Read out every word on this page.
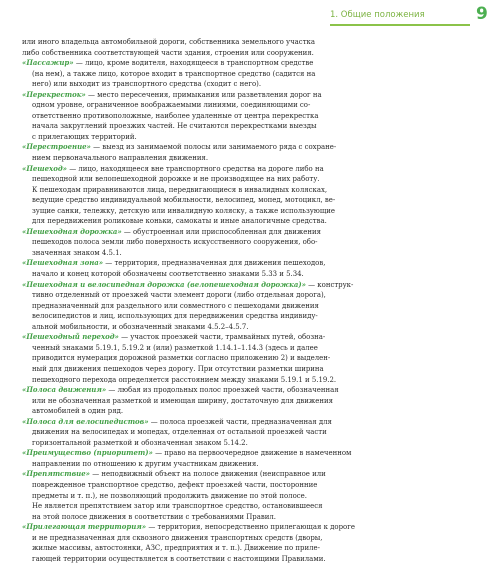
1. Общие положения	9
или иного владельца автомобильной дороги, собственника земельного участка
либо собственника соответствующей части здания, строения или сооружения.
«Пассажир» — лицо, кроме водителя, находящееся в транспортном средстве
(на нем), а также лицо, которое входит в транспортное средство (садится на
него) или выходит из транспортного средства (сходит с него).
«Перекресток» — место пересечения, примыкания или разветвления дорог на
одном уровне, ограниченное воображаемыми линиями, соединяющими со-
ответственно противоположные, наиболее удаленные от центра перекрестка
начала закруглений проезжих частей. Не считаются перекрестками выезды
с прилегающих территорий.
«Перестроение» — выезд из занимаемой полосы или занимаемого ряда с сохране-
нием первоначального направления движения.
«Пешеход» — лицо, находящееся вне транспортного средства на дороге либо на
пешеходной или велопешеходной дорожке и не производящее на них работу.
К пешеходам приравниваются лица, передвигающиеся в инвалидных колясках,
ведущие средство индивидуальной мобильности, велосипед, мопед, мотоцикл, ве-
зущие санки, тележку, детскую или инвалидную коляску, а также использующие
для передвижения роликовые коньки, самокаты и иные аналогичные средства.
«Пешеходная дорожка» — обустроенная или приспособленная для движения
пешеходов полоса земли либо поверхность искусственного сооружения, обо-
значенная знаком 4.5.1.
«Пешеходная зона» — территория, предназначенная для движения пешеходов,
начало и конец которой обозначены соответственно знаками 5.33 и 5.34.
«Пешеходная и велосипедная дорожка (велопешеходная дорожка)» — конструк-
тивно отделенный от проезжей части элемент дороги (либо отдельная дорога),
предназначенный для раздельного или совместного с пешеходами движения
велосипедистов и лиц, использующих для передвижения средства индивиду-
альной мобильности, и обозначенный знаками 4.5.2–4.5.7.
«Пешеходный переход» — участок проезжей части, трамвайных путей, обозна-
ченный знаками 5.19.1, 5.19.2 и (или) разметкой 1.14.1–1.14.3 (здесь и далее
приводится нумерация дорожной разметки согласно приложению 2) и выделен-
ный для движения пешеходов через дорогу. При отсутствии разметки ширина
пешеходного перехода определяется расстоянием между знаками 5.19.1 и 5.19.2.
«Полоса движения» — любая из продольных полос проезжей части, обозначенная
или не обозначенная разметкой и имеющая ширину, достаточную для движения
автомобилей в один ряд.
«Полоса для велосипедистов» — полоса проезжей части, предназначенная для
движения на велосипедах и мопедах, отделенная от остальной проезжей части
горизонтальной разметкой и обозначенная знаком 5.14.2.
«Преимущество (приоритет)» — право на первоочередное движение в намеченном
направлении по отношению к другим участникам движения.
«Препятствие» — неподвижный объект на полосе движения (неисправное или
поврежденное транспортное средство, дефект проезжей части, посторонние
предметы и т. п.), не позволяющий продолжить движение по этой полосе.
Не является препятствием затор или транспортное средство, остановившееся
на этой полосе движения в соответствии с требованиями Правил.
«Прилегающая территория» — территория, непосредственно прилегающая к дороге
и не предназначенная для сквозного движения транспортных средств (дворы,
жилые массивы, автостоянки, АЗС, предприятия и т. п.). Движение по приле-
гающей территории осуществляется в соответствии с настоящими Правилами.
